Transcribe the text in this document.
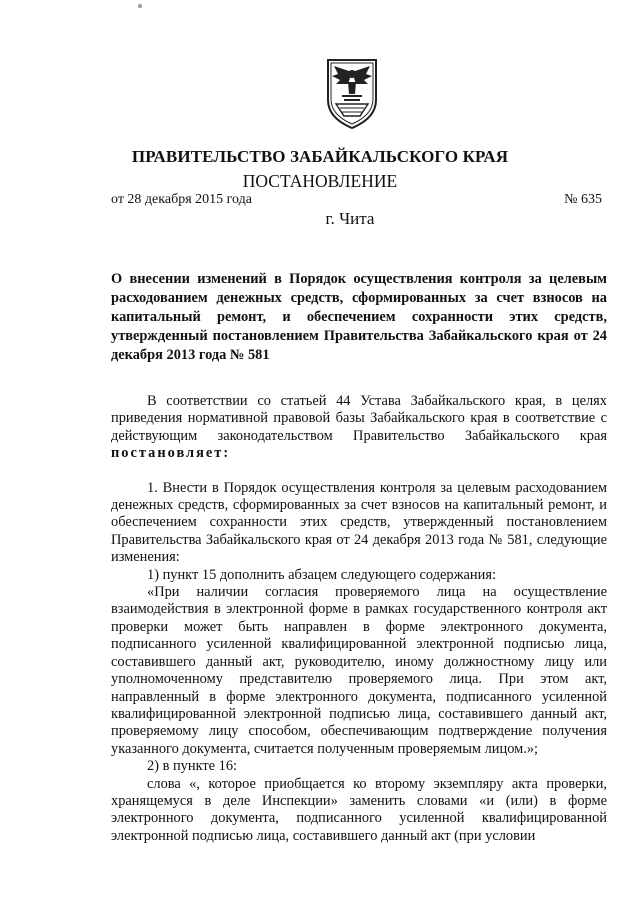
ПРАВИТЕЛЬСТВО ЗАБАЙКАЛЬСКОГО КРАЯ
ПОСТАНОВЛЕНИЕ
от 28 декабря 2015 года	№ 635
г. Чита
О внесении изменений в Порядок осуществления контроля за целевым расходованием денежных средств, сформированных за счет взносов на капитальный ремонт, и обеспечением сохранности этих средств, утвержденный постановлением Правительства Забайкальского края от 24 декабря 2013 года № 581

В соответствии со статьей 44 Устава Забайкальского края, в целях приведения нормативной правовой базы Забайкальского края в соответствие с действующим законодательством Правительство Забайкальского края постановляет:

1. Внести в Порядок осуществления контроля за целевым расходованием денежных средств, сформированных за счет взносов на капитальный ремонт, и обеспечением сохранности этих средств, утвержденный постановлением Правительства Забайкальского края от 24 декабря 2013 года № 581, следующие изменения:

1) пункт 15 дополнить абзацем следующего содержания:

«При наличии согласия проверяемого лица на осуществление взаимодействия в электронной форме в рамках государственного контроля акт проверки может быть направлен в форме электронного документа, подписанного усиленной квалифицированной электронной подписью лица, составившего данный акт, руководителю, иному должностному лицу или уполномоченному представителю проверяемого лица. При этом акт, направленный в форме электронного документа, подписанного усиленной квалифицированной электронной подписью лица, составившего данный акт, проверяемому лицу способом, обеспечивающим подтверждение получения указанного документа, считается полученным проверяемым лицом.»;

2) в пункте 16:

слова «, которое приобщается ко второму экземпляру акта проверки, хранящемуся в деле Инспекции» заменить словами «и (или) в форме электронного документа, подписанного усиленной квалифицированной электронной подписью лица, составившего данный акт (при условии
